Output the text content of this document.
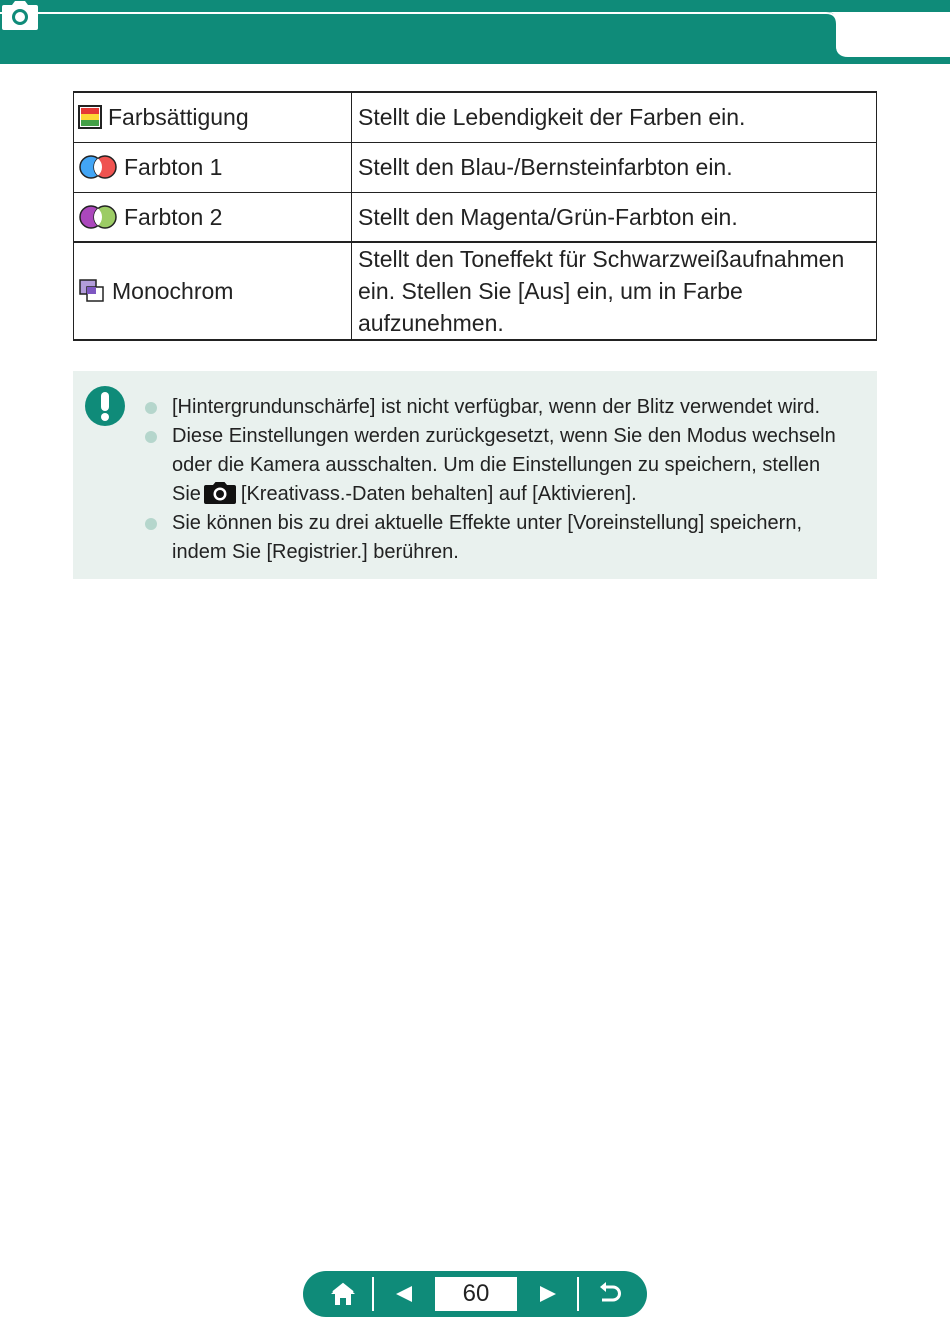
Farbsättigung	Stellt die Lebendigkeit der Farben ein.

Farbton 1	Stellt den Blau-/Bernsteinfarbton ein.

Farbton 2	Stellt den Magenta/Grün-Farbton ein.

Monochrom	Stellt den Toneffekt für Schwarzweißaufnahmen
ein. Stellen Sie [Aus] ein, um in Farbe
aufzunehmen.
[Hintergrundunschärfe] ist nicht verfügbar, wenn der Blitz verwendet wird.
Diese Einstellungen werden zurückgesetzt, wenn Sie den Modus wechseln
oder die Kamera ausschalten. Um die Einstellungen zu speichern, stellen
Sie [Kreativass.-Daten behalten] auf [Aktivieren].
Sie können bis zu drei aktuelle Effekte unter [Voreinstellung] speichern,
indem Sie [Registrier.] berühren.
60
